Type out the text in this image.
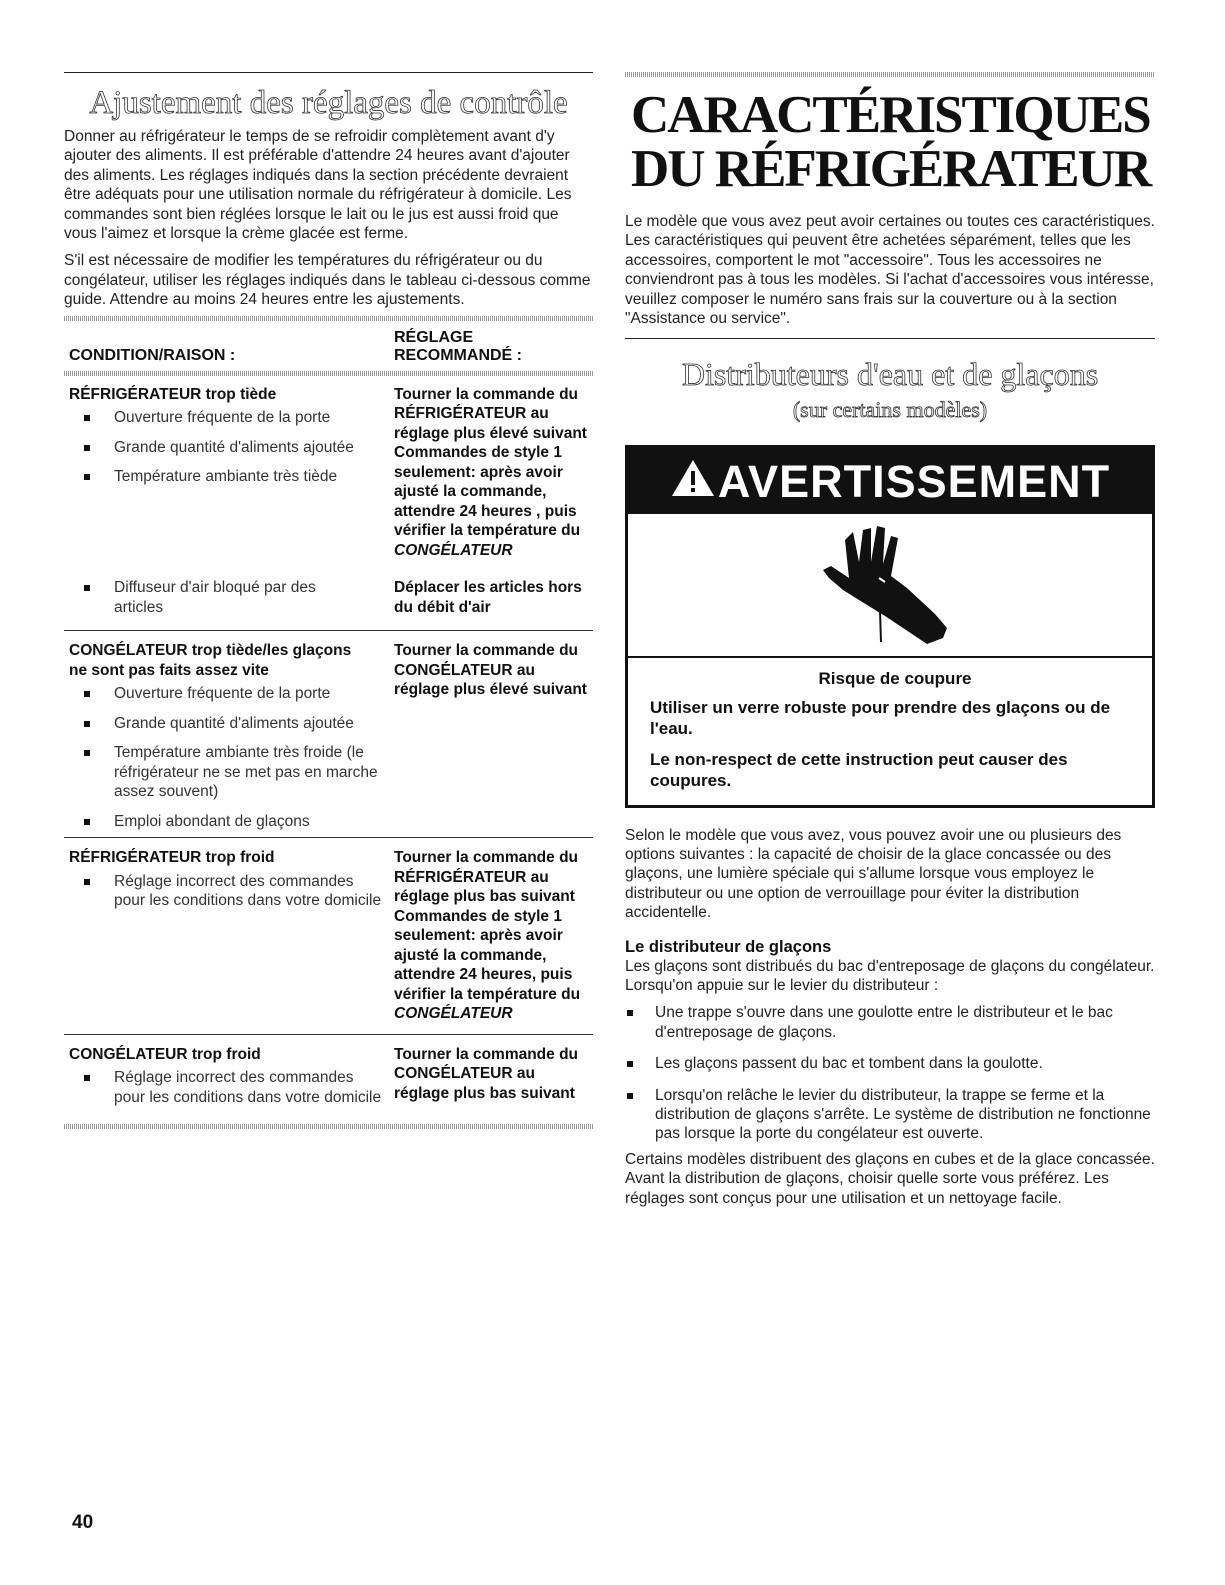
Ajustement des réglages de contrôle

Donner au réfrigérateur le temps de se refroidir complètement avant d'y ajouter des aliments. Il est préférable d'attendre 24 heures avant d'ajouter des aliments. Les réglages indiqués dans la section précédente devraient être adéquats pour une utilisation normale du réfrigérateur à domicile. Les commandes sont bien réglées lorsque le lait ou le jus est aussi froid que vous l'aimez et lorsque la crème glacée est ferme.

S'il est nécessaire de modifier les températures du réfrigérateur ou du congélateur, utiliser les réglages indiqués dans le tableau ci-dessous comme guide. Attendre au moins 24 heures entre les ajustements.

CONDITION/RAISON :
RÉGLAGE
RECOMMANDÉ :
RÉFRIGÉRATEUR trop tiède
Ouverture fréquente de la porte
Grande quantité d'aliments ajoutée
Température ambiante très tiède
Tourner la commande du RÉFRIGÉRATEUR au réglage plus élevé suivant Commandes de style 1 seulement: après avoir ajusté la commande, attendre 24 heures , puis vérifier la température du
CONGÉLATEUR
Diffuseur d'air bloqué par des articles
Déplacer les articles hors du débit d'air
CONGÉLATEUR trop tiède/les glaçons ne sont pas faits assez vite
Ouverture fréquente de la porte
Grande quantité d'aliments ajoutée
Température ambiante très froide (le réfrigérateur ne se met pas en marche assez souvent)
Emploi abondant de glaçons
Tourner la commande du CONGÉLATEUR au réglage plus élevé suivant
RÉFRIGÉRATEUR trop froid
Réglage incorrect des commandes pour les conditions dans votre domicile
Tourner la commande du RÉFRIGÉRATEUR au réglage plus bas suivant Commandes de style 1 seulement: après avoir ajusté la commande, attendre 24 heures, puis vérifier la température du
CONGÉLATEUR
CONGÉLATEUR trop froid
Réglage incorrect des commandes pour les conditions dans votre domicile
Tourner la commande du CONGÉLATEUR au réglage plus bas suivant
40
CARACTÉRISTIQUES
DU RÉFRIGÉRATEUR

Le modèle que vous avez peut avoir certaines ou toutes ces caractéristiques. Les caractéristiques qui peuvent être achetées séparément, telles que les accessoires, comportent le mot "accessoire". Tous les accessoires ne conviendront pas à tous les modèles. Si l'achat d'accessoires vous intéresse, veuillez composer le numéro sans frais sur la couverture ou à la section "Assistance ou service".

Distributeurs d'eau et de glaçons
(sur certains modèles)
AVERTISSEMENT
Risque de coupure
Utiliser un verre robuste pour prendre des glaçons ou de l'eau.
Le non-respect de cette instruction peut causer des coupures.

Selon le modèle que vous avez, vous pouvez avoir une ou plusieurs des options suivantes : la capacité de choisir de la glace concassée ou des glaçons, une lumière spéciale qui s'allume lorsque vous employez le distributeur ou une option de verrouillage pour éviter la distribution accidentelle.

Le distributeur de glaçons

Les glaçons sont distribués du bac d'entreposage de glaçons du congélateur. Lorsqu'on appuie sur le levier du distributeur :

Une trappe s'ouvre dans une goulotte entre le distributeur et le bac d'entreposage de glaçons.
Les glaçons passent du bac et tombent dans la goulotte.
Lorsqu'on relâche le levier du distributeur, la trappe se ferme et la distribution de glaçons s'arrête. Le système de distribution ne fonctionne pas lorsque la porte du congélateur est ouverte.

Certains modèles distribuent des glaçons en cubes et de la glace concassée. Avant la distribution de glaçons, choisir quelle sorte vous préférez. Les réglages sont conçus pour une utilisation et un nettoyage facile.
